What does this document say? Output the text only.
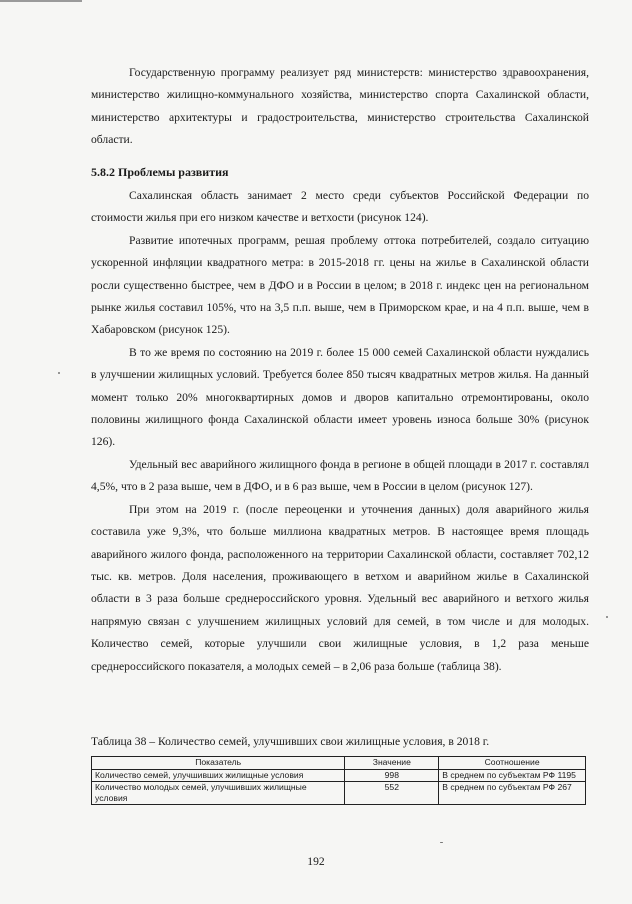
Государственную программу реализует ряд министерств: министерство здравоохранения, министерство жилищно-коммунального хозяйства, министерство спорта Сахалинской области, министерство архитектуры и градостроительства, министерство строительства Сахалинской области.

5.8.2 Проблемы развития

Сахалинская область занимает 2 место среди субъектов Российской Федерации по стоимости жилья при его низком качестве и ветхости (рисунок 124).

Развитие ипотечных программ, решая проблему оттока потребителей, создало ситуацию ускоренной инфляции квадратного метра: в 2015-2018 гг. цены на жилье в Сахалинской области росли существенно быстрее, чем в ДФО и в России в целом; в 2018 г. индекс цен на региональном рынке жилья составил 105%, что на 3,5 п.п. выше, чем в Приморском крае, и на 4 п.п. выше, чем в Хабаровском (рисунок 125).

В то же время по состоянию на 2019 г. более 15 000 семей Сахалинской области нуждались в улучшении жилищных условий. Требуется более 850 тысяч квадратных метров жилья. На данный момент только 20% многоквартирных домов и дворов капитально отремонтированы, около половины жилищного фонда Сахалинской области имеет уровень износа больше 30% (рисунок 126).

Удельный вес аварийного жилищного фонда в регионе в общей площади в 2017 г. составлял 4,5%, что в 2 раза выше, чем в ДФО, и в 6 раз выше, чем в России в целом (рисунок 127).

При этом на 2019 г. (после переоценки и уточнения данных) доля аварийного жилья составила уже 9,3%, что больше миллиона квадратных метров. В настоящее время площадь аварийного жилого фонда, расположенного на территории Сахалинской области, составляет 702,12 тыс. кв. метров. Доля населения, проживающего в ветхом и аварийном жилье в Сахалинской области в 3 раза больше среднероссийского уровня. Удельный вес аварийного и ветхого жилья напрямую связан с улучшением жилищных условий для семей, в том числе и для молодых. Количество семей, которые улучшили свои жилищные условия, в 1,2 раза меньше среднероссийского показателя, а молодых семей – в 2,06 раза больше (таблица 38).

Таблица 38 – Количество семей, улучшивших свои жилищные условия, в 2018 г.
Показатель	Значение	Соотношение
Количество семей, улучшивших жилищные условия	998	В среднем по субъектам РФ 1195
Количество молодых семей, улучшивших жилищные условия	552	В среднем по субъектам РФ 267
192
